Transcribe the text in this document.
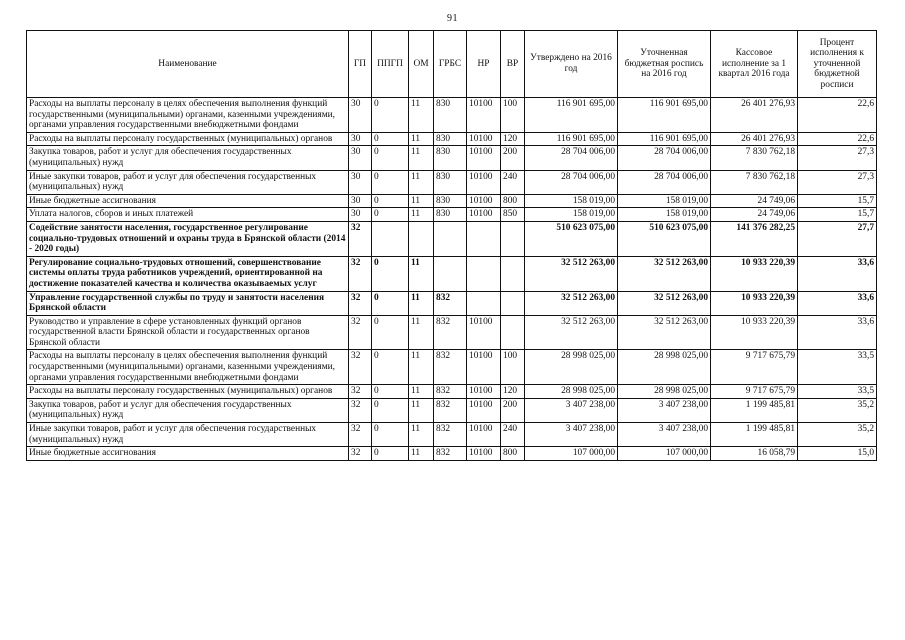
91
Наименование	ГП	ППГП	ОМ	ГРБС	НР	ВР	Утверждено на 2016 год	Уточненная бюджетная роспись на 2016 год	Кассовое исполнение за 1 квартал 2016 года	Процент исполнения к уточненной бюджетной росписи
Расходы на выплаты персоналу в целях обеспечения выполнения функций государственными (муниципальными) органами, казенными учреждениями, органами управления государственными внебюджетными фондами	30	0	11	830	10100	100	116 901 695,00	116 901 695,00	26 401 276,93	22,6
Расходы на выплаты персоналу государственных (муниципальных) органов	30	0	11	830	10100	120	116 901 695,00	116 901 695,00	26 401 276,93	22,6
Закупка товаров, работ и услуг для обеспечения государственных (муниципальных) нужд	30	0	11	830	10100	200	28 704 006,00	28 704 006,00	7 830 762,18	27,3
Иные закупки товаров, работ и услуг для обеспечения государственных (муниципальных) нужд	30	0	11	830	10100	240	28 704 006,00	28 704 006,00	7 830 762,18	27,3
Иные бюджетные ассигнования	30	0	11	830	10100	800	158 019,00	158 019,00	24 749,06	15,7
Уплата налогов, сборов и иных платежей	30	0	11	830	10100	850	158 019,00	158 019,00	24 749,06	15,7
Содействие занятости населения, государственное регулирование социально-трудовых отношений и охраны труда в Брянской области (2014 - 2020 годы)	32						510 623 075,00	510 623 075,00	141 376 282,25	27,7
Регулирование социально-трудовых отношений, совершенствование системы оплаты труда работников учреждений, ориентированной на достижение показателей качества и количества оказываемых услуг	32	0	11				32 512 263,00	32 512 263,00	10 933 220,39	33,6
Управление государственной службы по труду и занятости населения Брянской области	32	0	11	832			32 512 263,00	32 512 263,00	10 933 220,39	33,6
Руководство и управление в сфере установленных функций органов государственной власти Брянской области и государственных органов Брянской области	32	0	11	832	10100		32 512 263,00	32 512 263,00	10 933 220,39	33,6
Расходы на выплаты персоналу в целях обеспечения выполнения функций государственными (муниципальными) органами, казенными учреждениями, органами управления государственными внебюджетными фондами	32	0	11	832	10100	100	28 998 025,00	28 998 025,00	9 717 675,79	33,5
Расходы на выплаты персоналу государственных (муниципальных) органов	32	0	11	832	10100	120	28 998 025,00	28 998 025,00	9 717 675,79	33,5
Закупка товаров, работ и услуг для обеспечения государственных (муниципальных) нужд	32	0	11	832	10100	200	3 407 238,00	3 407 238,00	1 199 485,81	35,2
Иные закупки товаров, работ и услуг для обеспечения государственных (муниципальных) нужд	32	0	11	832	10100	240	3 407 238,00	3 407 238,00	1 199 485,81	35,2
Иные бюджетные ассигнования	32	0	11	832	10100	800	107 000,00	107 000,00	16 058,79	15,0
